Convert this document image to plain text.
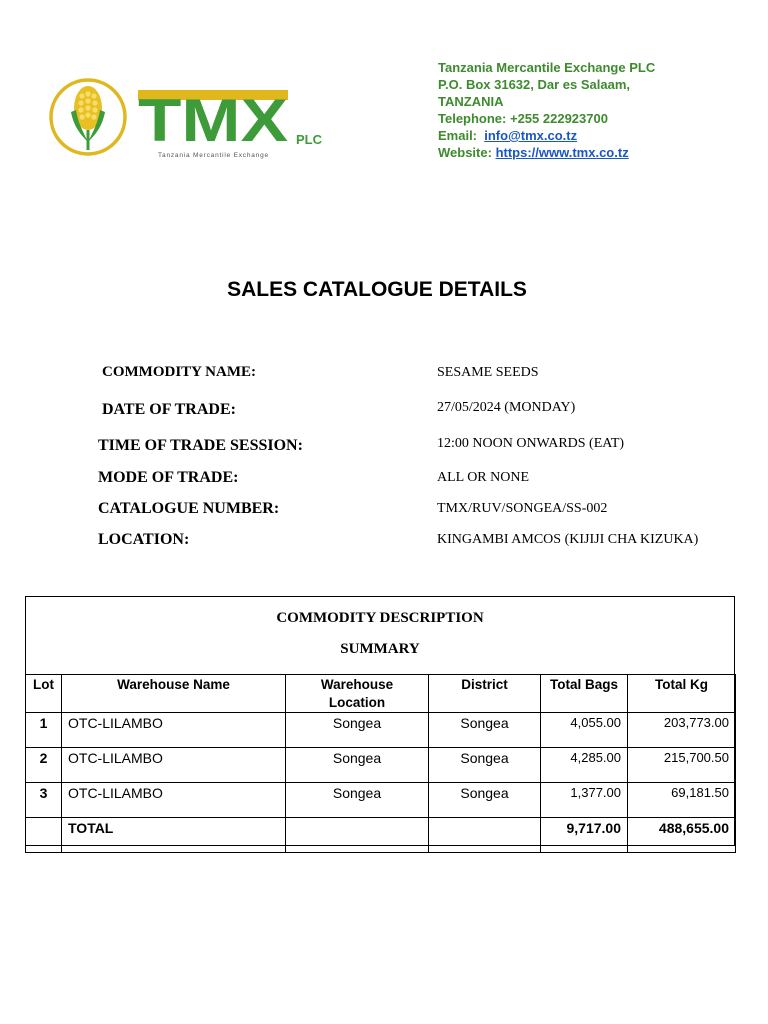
TMX PLC
Tanzania Mercantile Exchange
Tanzania Mercantile Exchange PLC
P.O. Box 31632, Dar es Salaam,
TANZANIA
Telephone: +255 222923700
Email: info@tmx.co.tz
Website: https://www.tmx.co.tz
SALES CATALOGUE DETAILS
COMMODITY NAME:	SESAME SEEDS
DATE OF TRADE:	27/05/2024 (MONDAY)
TIME OF TRADE SESSION:	12:00 NOON ONWARDS (EAT)
MODE OF TRADE:	ALL OR NONE
CATALOGUE NUMBER:	TMX/RUV/SONGEA/SS-002
LOCATION:	KINGAMBI AMCOS (KIJIJI CHA KIZUKA)
COMMODITY DESCRIPTION
SUMMARY
Lot	Warehouse Name	Warehouse Location	District	Total Bags	Total Kg
1	OTC-LILAMBO	Songea	Songea	4,055.00	203,773.00
2	OTC-LILAMBO	Songea	Songea	4,285.00	215,700.50
3	OTC-LILAMBO	Songea	Songea	1,377.00	69,181.50
	TOTAL			9,717.00	488,655.00
